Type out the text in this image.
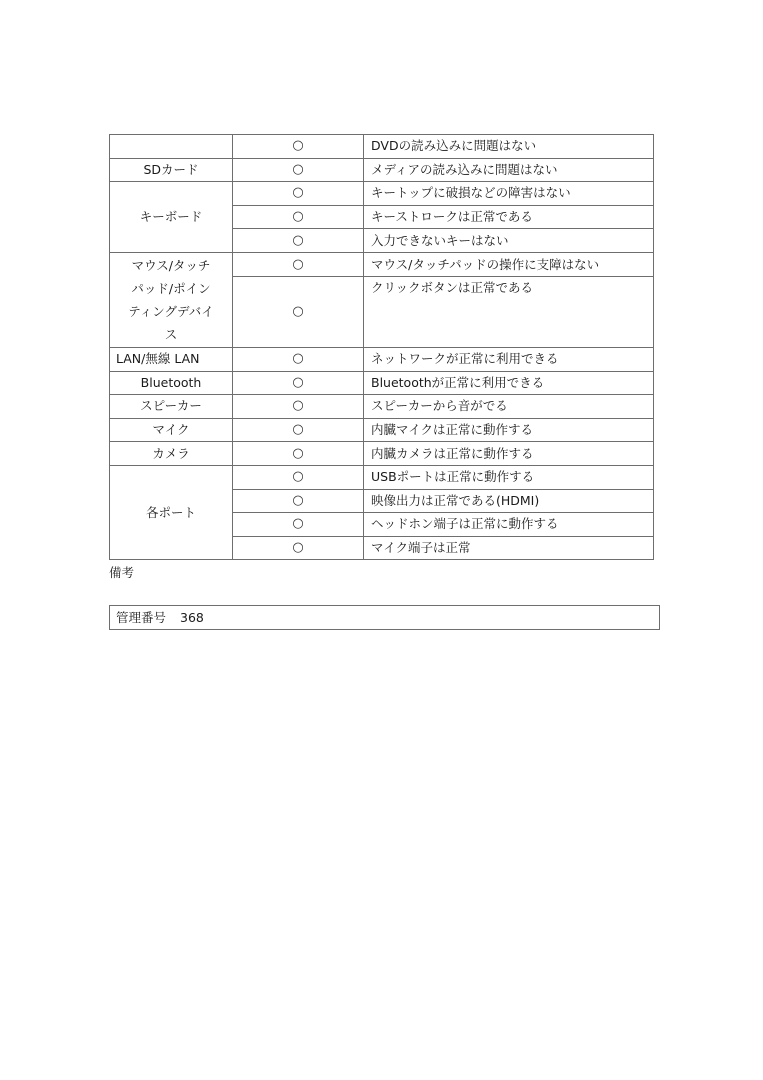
	○	DVDの読み込みに問題はない
SDカード	○	メディアの読み込みに問題はない
キーボード	○	キートップに破損などの障害はない
	○	キーストロークは正常である
	○	入力できないキーはない

マウス/タッチ
パッド/ポイン
ティングデバイ
ス	○	マウス/タッチパッドの操作に支障はない
	○	クリックボタンは正常である
LAN/無線 LAN	○	ネットワークが正常に利用できる
Bluetooth	○	Bluetoothが正常に利用できる
スピーカー	○	スピーカーから音がでる
マイク	○	内臓マイクは正常に動作する
カメラ	○	内臓カメラは正常に動作する
各ポート	○	USBポートは正常に動作する
	○	映像出力は正常である(HDMI)
	○	ヘッドホン端子は正常に動作する
	○	マイク端子は正常
備考
管理番号 368
